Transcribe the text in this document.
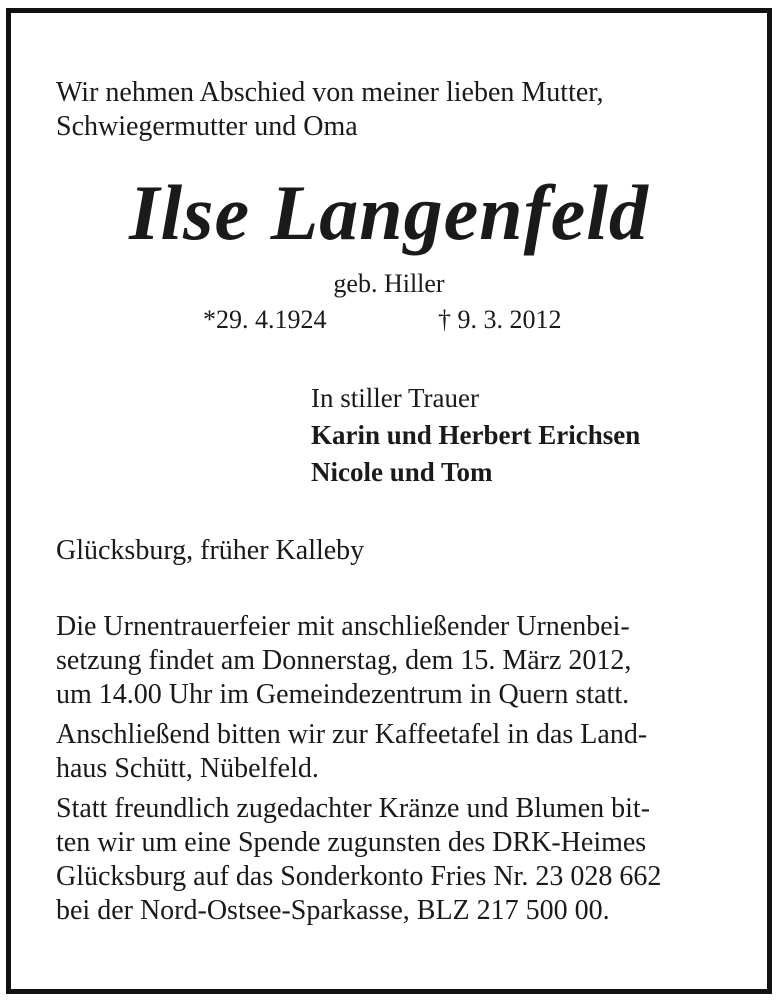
Wir nehmen Abschied von meiner lieben Mutter,
Schwiegermutter und Oma
Ilse Langenfeld
geb. Hiller
*29. 4.1924	† 9. 3. 2012
In stiller Trauer
Karin und Herbert Erichsen
Nicole und Tom
Glücksburg, früher Kalleby
Die Urnentrauerfeier mit anschließender Urnenbei-
setzung findet am Donnerstag, dem 15. März 2012,
um 14.00 Uhr im Gemeindezentrum in Quern statt.
Anschließend bitten wir zur Kaffeetafel in das Land-
haus Schütt, Nübelfeld.
Statt freundlich zugedachter Kränze und Blumen bit-
ten wir um eine Spende zugunsten des DRK-Heimes
Glücksburg auf das Sonderkonto Fries Nr. 23 028 662
bei der Nord-Ostsee-Sparkasse, BLZ 217 500 00.
